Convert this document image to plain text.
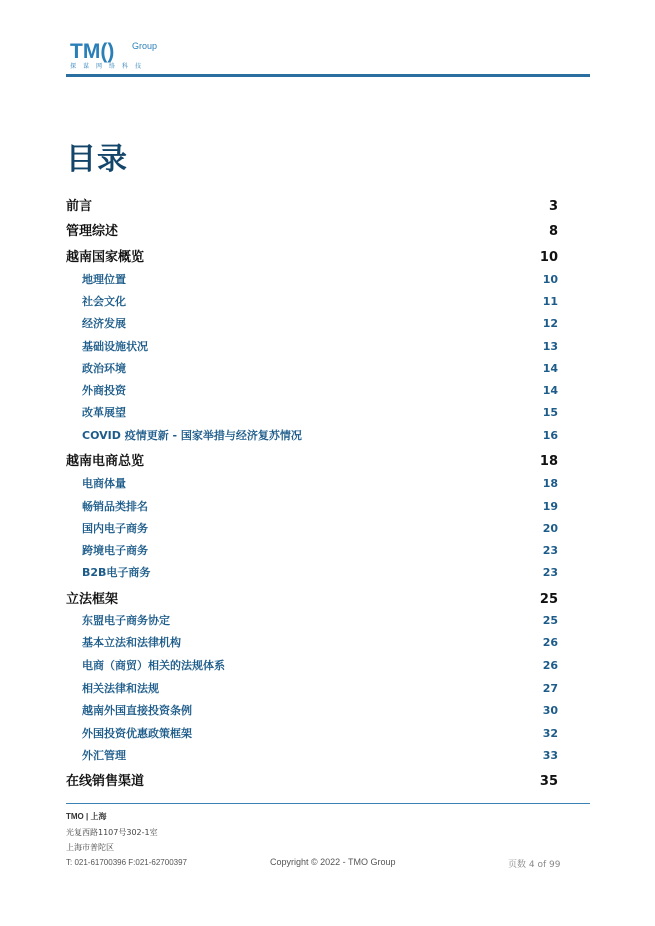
TM() Group
探谋网络科技
目录
前言	3
管理综述	8
越南国家概览	10
地理位置	10
社会文化	11
经济发展	12
基础设施状况	13
政治环境	14
外商投资	14
改革展望	15
COVID 疫情更新 - 国家举措与经济复苏情况	16
越南电商总览	18
电商体量	18
畅销品类排名	19
国内电子商务	20
跨境电子商务	23
B2B电子商务	23
立法框架	25
东盟电子商务协定	25
基本立法和法律机构	26
电商（商贸）相关的法规体系	26
相关法律和法规	27
越南外国直接投资条例	30
外国投资优惠政策框架	32
外汇管理	33
在线销售渠道	35
TMO | 上海
光复西路1107号302-1室
上海市普陀区
T: 021-61700396 F:021-62700397	Copyright © 2022 - TMO Group	页数 4 of 99
